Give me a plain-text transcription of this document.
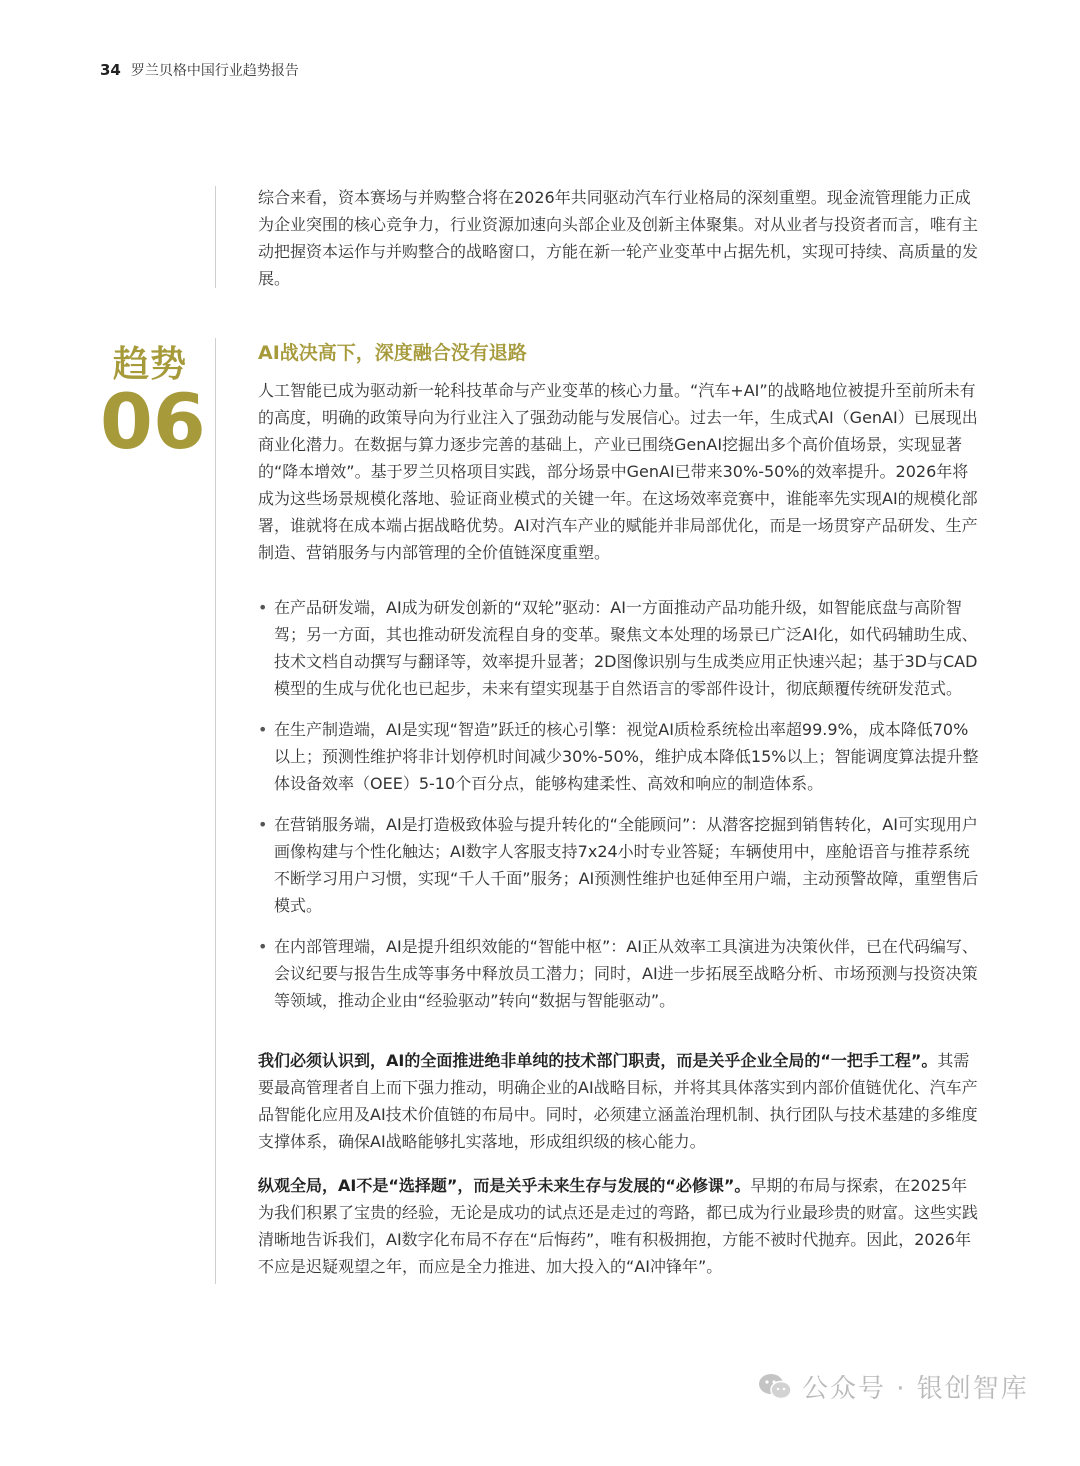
34 罗兰贝格中国行业趋势报告
综合来看，资本赛场与并购整合将在2026年共同驱动汽车行业格局的深刻重塑。现金流管理能力正成为企业突围的核心竞争力，行业资源加速向头部企业及创新主体聚集。对从业者与投资者而言，唯有主动把握资本运作与并购整合的战略窗口，方能在新一轮产业变革中占据先机，实现可持续、高质量的发展。
趋势
06
AI战决高下，深度融合没有退路
人工智能已成为驱动新一轮科技革命与产业变革的核心力量。“汽车+AI”的战略地位被提升至前所未有的高度，明确的政策导向为行业注入了强劲动能与发展信心。过去一年，生成式AI（GenAI）已展现出商业化潜力。在数据与算力逐步完善的基础上，产业已围绕GenAI挖掘出多个高价值场景，实现显著的“降本增效”。基于罗兰贝格项目实践，部分场景中GenAI已带来30%-50%的效率提升。2026年将成为这些场景规模化落地、验证商业模式的关键一年。在这场效率竞赛中，谁能率先实现AI的规模化部署，谁就将在成本端占据战略优势。AI对汽车产业的赋能并非局部优化，而是一场贯穿产品研发、生产制造、营销服务与内部管理的全价值链深度重塑。
• 在产品研发端，AI成为研发创新的“双轮”驱动：AI一方面推动产品功能升级，如智能底盘与高阶智驾；另一方面，其也推动研发流程自身的变革。聚焦文本处理的场景已广泛AI化，如代码辅助生成、技术文档自动撰写与翻译等，效率提升显著；2D图像识别与生成类应用正快速兴起；基于3D与CAD模型的生成与优化也已起步，未来有望实现基于自然语言的零部件设计，彻底颠覆传统研发范式。
• 在生产制造端，AI是实现“智造”跃迁的核心引擎：视觉AI质检系统检出率超99.9%，成本降低70%以上；预测性维护将非计划停机时间减少30%-50%，维护成本降低15%以上；智能调度算法提升整体设备效率（OEE）5-10个百分点，能够构建柔性、高效和响应的制造体系。
• 在营销服务端，AI是打造极致体验与提升转化的“全能顾问”：从潜客挖掘到销售转化，AI可实现用户画像构建与个性化触达；AI数字人客服支持7x24小时专业答疑；车辆使用中，座舱语音与推荐系统不断学习用户习惯，实现“千人千面”服务；AI预测性维护也延伸至用户端，主动预警故障，重塑售后模式。
• 在内部管理端，AI是提升组织效能的“智能中枢”：AI正从效率工具演进为决策伙伴，已在代码编写、会议纪要与报告生成等事务中释放员工潜力；同时，AI进一步拓展至战略分析、市场预测与投资决策等领域，推动企业由“经验驱动”转向“数据与智能驱动”。
我们必须认识到，AI的全面推进绝非单纯的技术部门职责，而是关乎企业全局的“一把手工程”。其需要最高管理者自上而下强力推动，明确企业的AI战略目标，并将其具体落实到内部价值链优化、汽车产品智能化应用及AI技术价值链的布局中。同时，必须建立涵盖治理机制、执行团队与技术基建的多维度支撑体系，确保AI战略能够扎实落地，形成组织级的核心能力。
纵观全局，AI不是“选择题”，而是关乎未来生存与发展的“必修课”。早期的布局与探索，在2025年为我们积累了宝贵的经验，无论是成功的试点还是走过的弯路，都已成为行业最珍贵的财富。这些实践清晰地告诉我们，AI数字化布局不存在“后悔药”，唯有积极拥抱，方能不被时代抛弃。因此，2026年不应是迟疑观望之年，而应是全力推进、加大投入的“AI冲锋年”。
公众号 · 银创智库
